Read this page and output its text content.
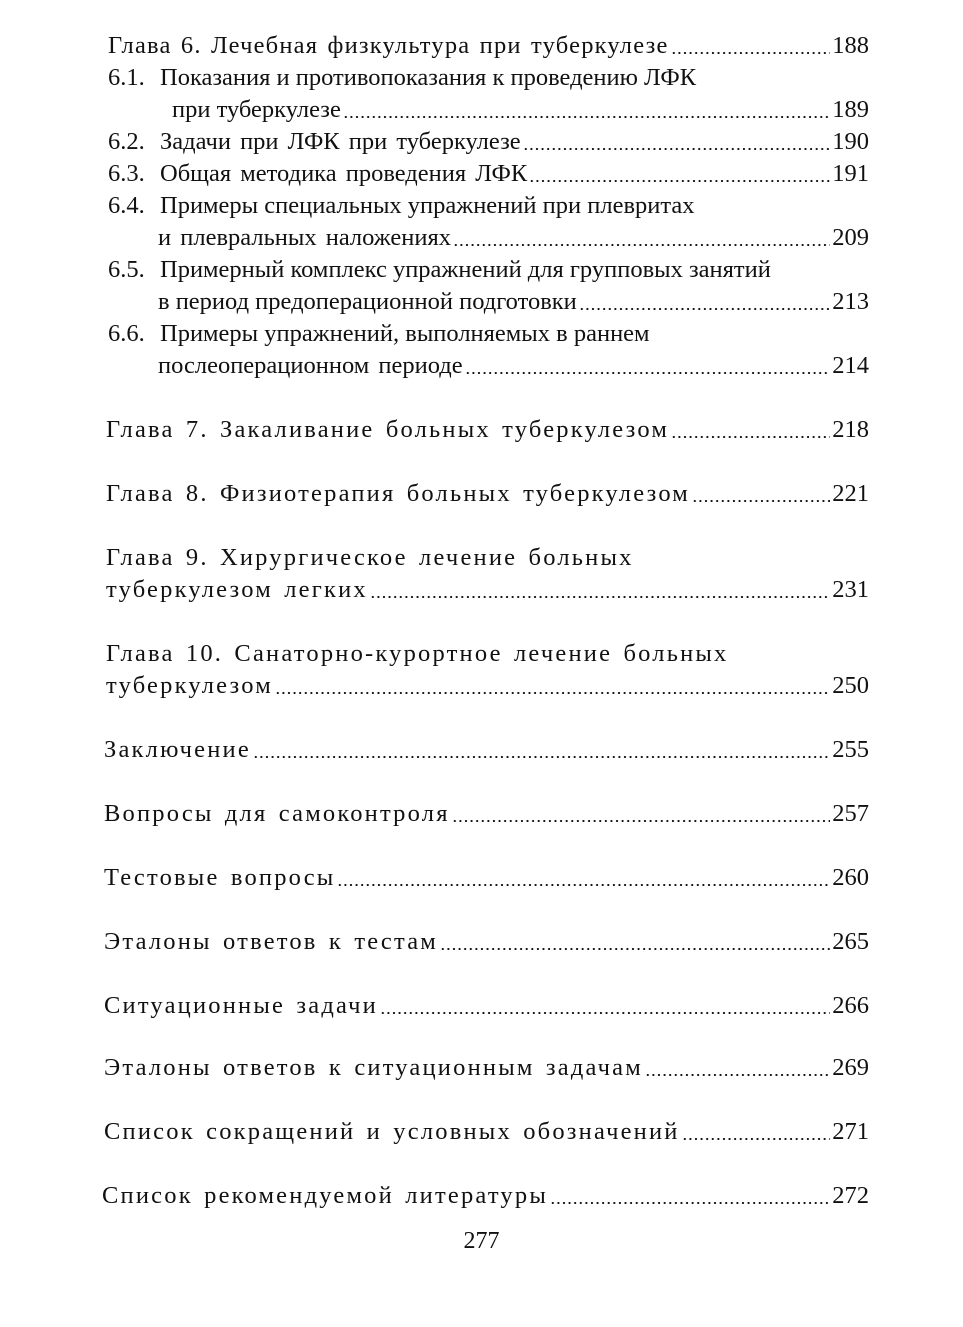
Глава 6. Лечебная физкультура при туберкулезе	188
6.1. Показания и противопоказания к проведению ЛФК
при туберкулезе	189
6.2. Задачи при ЛФК при туберкулезе	190
6.3. Общая методика проведения ЛФК	191
6.4. Примеры специальных упражнений при плевритах
и плевральных наложениях	209
6.5. Примерный комплекс упражнений для групповых занятий
в период предоперационной подготовки	213
6.6. Примеры упражнений, выполняемых в раннем
послеоперационном периоде	214
Глава 7. Закаливание больных туберкулезом	218
Глава 8. Физиотерапия больных туберкулезом	221
Глава 9. Хирургическое лечение больных
туберкулезом легких	231
Глава 10. Санаторно-курортное лечение больных
туберкулезом	250
Заключение	255
Вопросы для самоконтроля	257
Тестовые вопросы	260
Эталоны ответов к тестам	265
Ситуационные задачи	266
Эталоны ответов к ситуационным задачам	269
Список сокращений и условных обозначений	271
Список рекомендуемой литературы	272
277
